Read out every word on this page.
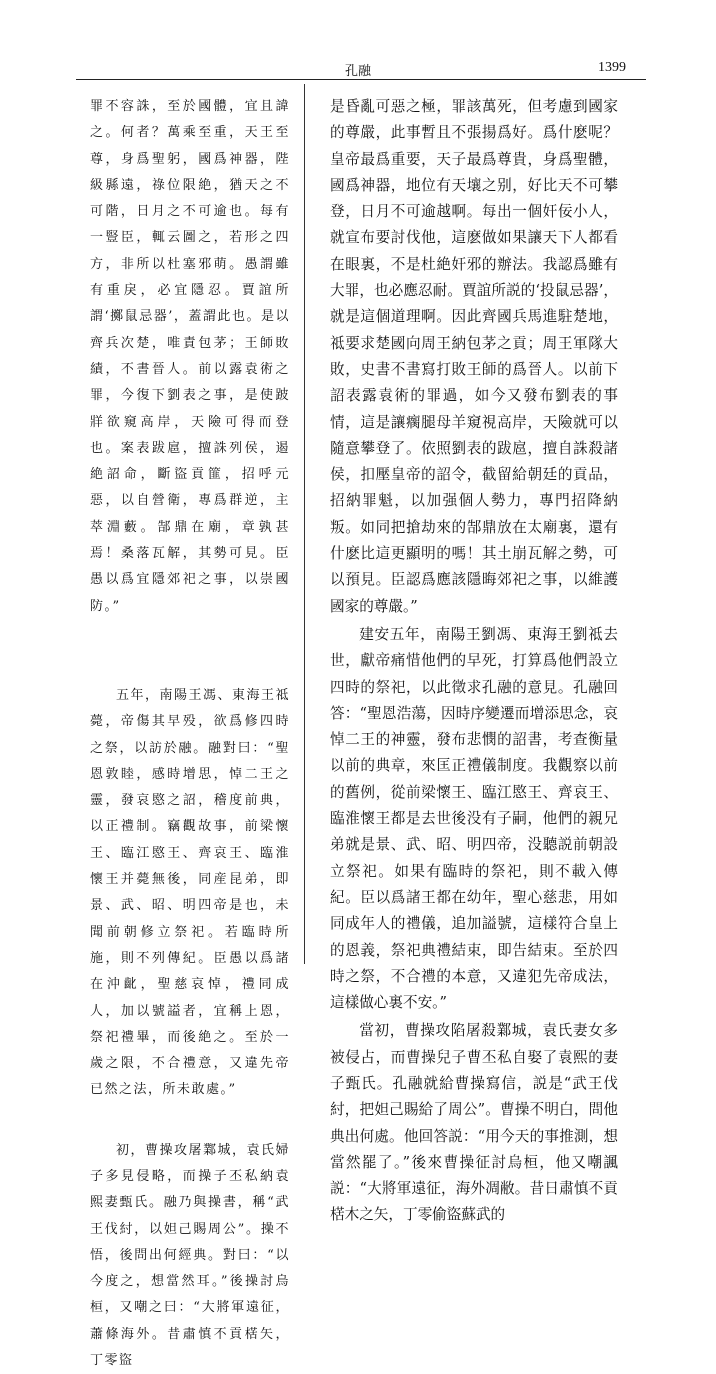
孔融	1399

罪不容誅，至於國體，宜且諱之。何者？萬乘至重，天王至尊，身爲聖躬，國爲神器，陛級縣遠，祿位限絶，猶天之不可階，日月之不可逾也。每有一豎臣，輒云圖之，若形之四方，非所以杜塞邪萌。愚謂雖有重戾，必宜隱忍。賈誼所謂‘擲鼠忌器’，蓋謂此也。是以齊兵次楚，唯責包茅；王師敗績，不書晉人。前以露袁術之罪，今復下劉表之事，是使跛牂欲窺高岸，天險可得而登也。案表跋扈，擅誅列侯，遏絶詔命，斷盜貢篚，招呼元惡，以自營衛，專爲群逆，主萃淵藪。郜鼎在廟，章孰甚焉！桑落瓦解，其勢可見。臣愚以爲宜隱郊祀之事，以崇國防。”

五年，南陽王馮、東海王祗薨，帝傷其早殁，欲爲修四時之祭，以訪於融。融對曰：“聖恩敦睦，感時增思，悼二王之靈，發哀愍之詔，稽度前典，以正禮制。竊觀故事，前梁懷王、臨江愍王、齊哀王、臨淮懷王并薨無後，同産昆弟，即景、武、昭、明四帝是也，未聞前朝修立祭祀。若臨時所施，則不列傳紀。臣愚以爲諸在沖齔，聖慈哀悼，禮同成人，加以號謚者，宜稱上恩，祭祀禮畢，而後絶之。至於一歲之限，不合禮意，又違先帝已然之法，所未敢處。”

初，曹操攻屠鄴城，袁氏婦子多見侵略，而操子丕私納袁熙妻甄氏。融乃與操書，稱“武王伐紂，以妲己賜周公”。操不悟，後問出何經典。對曰：“以今度之，想當然耳。”後操討烏桓，又嘲之曰：“大將軍遠征，蕭條海外。昔肅慎不貢楛矢，丁零盜

是昏亂可惡之極，罪該萬死，但考慮到國家的尊嚴，此事暫且不張揚爲好。爲什麽呢？皇帝最爲重要，天子最爲尊貴，身爲聖體，國爲神器，地位有天壤之别，好比天不可攀登，日月不可逾越啊。每出一個奸佞小人，就宣布要討伐他，這麽做如果讓天下人都看在眼裏，不是杜絶奸邪的辦法。我認爲雖有大罪，也必應忍耐。賈誼所説的‘投鼠忌器’，就是這個道理啊。因此齊國兵馬進駐楚地，祗要求楚國向周王納包茅之貢；周王軍隊大敗，史書不書寫打敗王師的爲晉人。以前下詔表露袁術的罪過，如今又發布劉表的事情，這是讓瘸腿母羊窺視高岸，天險就可以隨意攀登了。依照劉表的跋扈，擅自誅殺諸侯，扣壓皇帝的詔令，截留給朝廷的貢品，招納罪魁，以加强個人勢力，專門招降納叛。如同把搶劫來的郜鼎放在太廟裏，還有什麽比這更顯明的嗎！其土崩瓦解之勢，可以預見。臣認爲應該隱晦郊祀之事，以維護國家的尊嚴。”

建安五年，南陽王劉馮、東海王劉祗去世，獻帝痛惜他們的早死，打算爲他們設立四時的祭祀，以此徵求孔融的意見。孔融回答：“聖恩浩蕩，因時序變遷而增添思念，哀悼二王的神靈，發布悲憫的詔書，考查衡量以前的典章，來匡正禮儀制度。我觀察以前的舊例，從前梁懷王、臨江愍王、齊哀王、臨淮懷王都是去世後没有子嗣，他們的親兄弟就是景、武、昭、明四帝，没聽説前朝設立祭祀。如果有臨時的祭祀，則不載入傳紀。臣以爲諸王都在幼年，聖心慈悲，用如同成年人的禮儀，追加謚號，這樣符合皇上的恩義，祭祀典禮結束，即告結束。至於四時之祭，不合禮的本意，又違犯先帝成法，這樣做心裏不安。”

當初，曹操攻陷屠殺鄴城，袁氏妻女多被侵占，而曹操兒子曹丕私自娶了袁熙的妻子甄氏。孔融就給曹操寫信，説是“武王伐紂，把妲己賜給了周公”。曹操不明白，問他典出何處。他回答説：“用今天的事推測，想當然罷了。”後來曹操征討烏桓，他又嘲諷説：“大將軍遠征，海外凋敝。昔日肅慎不貢楛木之矢，丁零偷盜蘇武的
